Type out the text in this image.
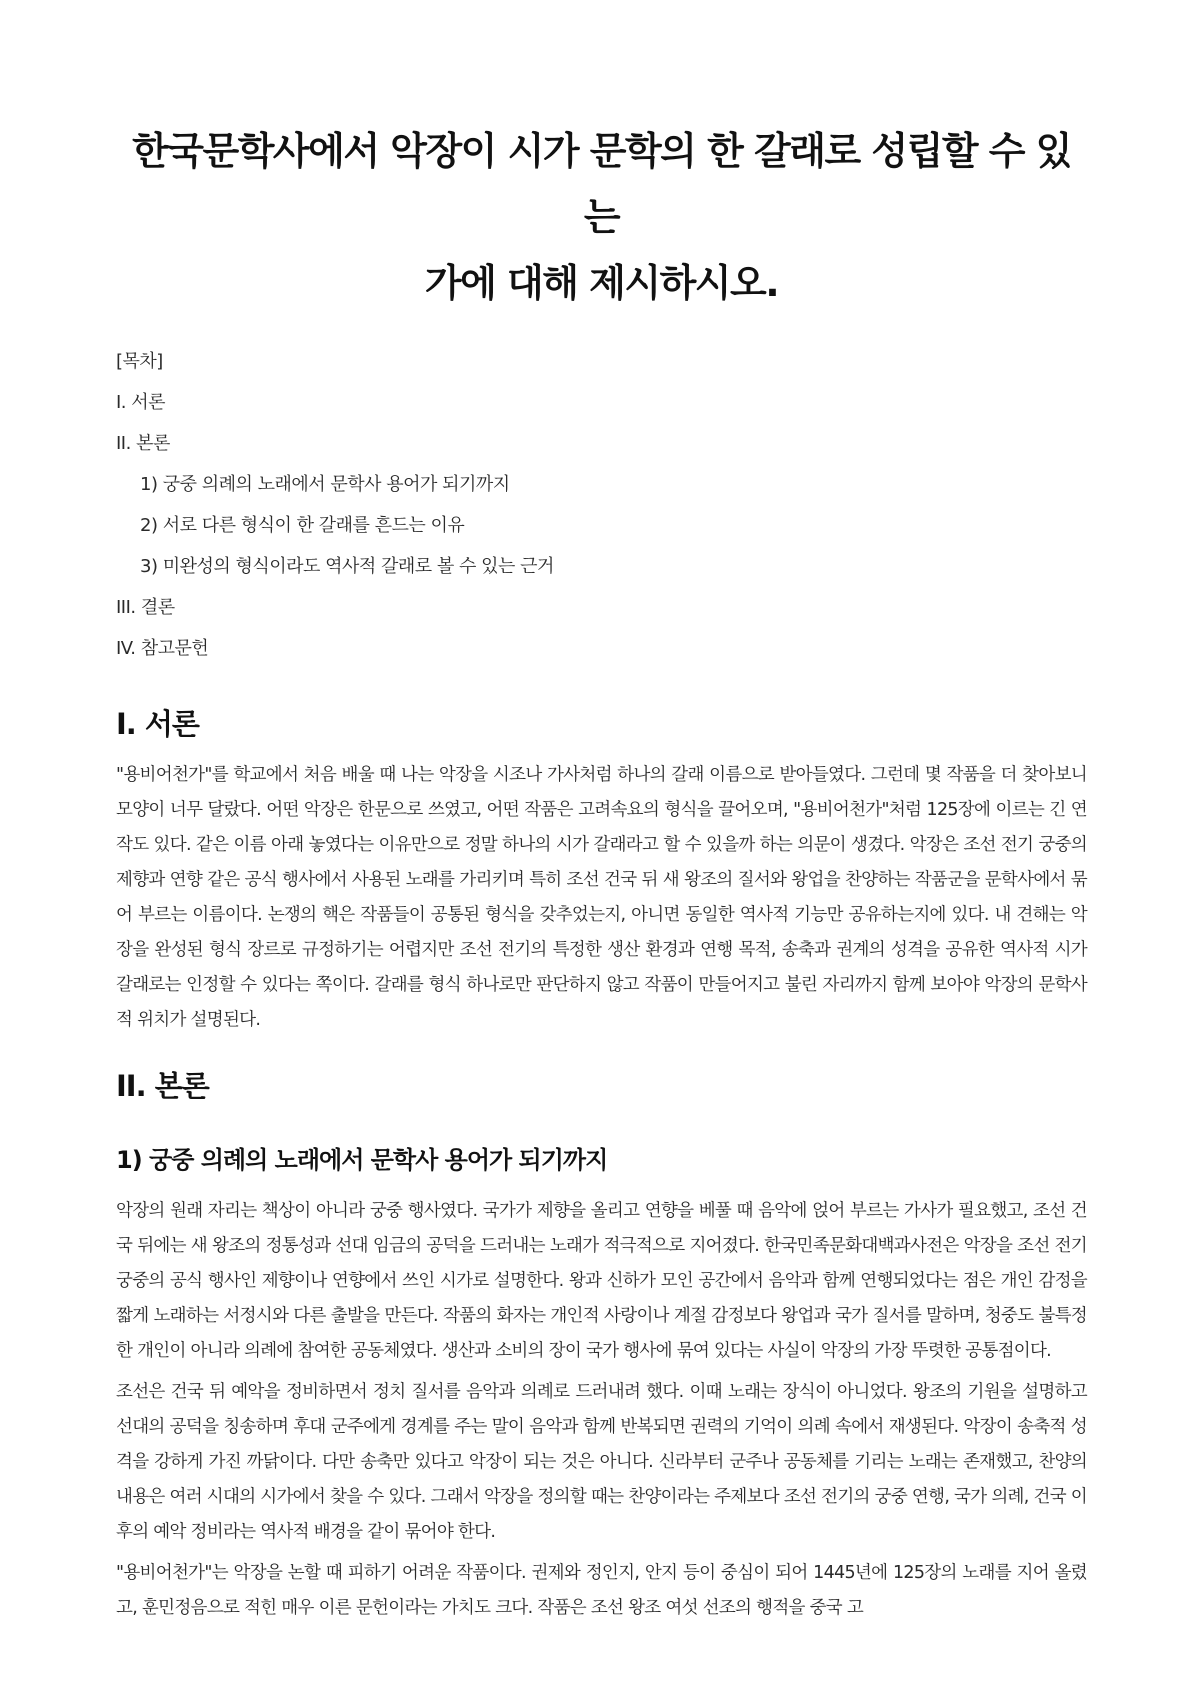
한국문학사에서 악장이 시가 문학의 한 갈래로 성립할 수 있는
가에 대해 제시하시오.
[목차]
I. 서론
II. 본론
1) 궁중 의례의 노래에서 문학사 용어가 되기까지
2) 서로 다른 형식이 한 갈래를 흔드는 이유
3) 미완성의 형식이라도 역사적 갈래로 볼 수 있는 근거
III. 결론
IV. 참고문헌
I. 서론

"용비어천가"를 학교에서 처음 배울 때 나는 악장을 시조나 가사처럼 하나의 갈래 이름으로 받아들였다. 그런데 몇 작품을 더 찾아보니 모양이 너무 달랐다. 어떤 악장은 한문으로 쓰였고, 어떤 작품은 고려속요의 형식을 끌어오며, "용비어천가"처럼 125장에 이르는 긴 연작도 있다. 같은 이름 아래 놓였다는 이유만으로 정말 하나의 시가 갈래라고 할 수 있을까 하는 의문이 생겼다. 악장은 조선 전기 궁중의 제향과 연향 같은 공식 행사에서 사용된 노래를 가리키며 특히 조선 건국 뒤 새 왕조의 질서와 왕업을 찬양하는 작품군을 문학사에서 묶어 부르는 이름이다. 논쟁의 핵은 작품들이 공통된 형식을 갖추었는지, 아니면 동일한 역사적 기능만 공유하는지에 있다. 내 견해는 악장을 완성된 형식 장르로 규정하기는 어렵지만 조선 전기의 특정한 생산 환경과 연행 목적, 송축과 권계의 성격을 공유한 역사적 시가 갈래로는 인정할 수 있다는 쪽이다. 갈래를 형식 하나로만 판단하지 않고 작품이 만들어지고 불린 자리까지 함께 보아야 악장의 문학사적 위치가 설명된다.

II. 본론
1) 궁중 의례의 노래에서 문학사 용어가 되기까지

악장의 원래 자리는 책상이 아니라 궁중 행사였다. 국가가 제향을 올리고 연향을 베풀 때 음악에 얹어 부르는 가사가 필요했고, 조선 건국 뒤에는 새 왕조의 정통성과 선대 임금의 공덕을 드러내는 노래가 적극적으로 지어졌다. 한국민족문화대백과사전은 악장을 조선 전기 궁중의 공식 행사인 제향이나 연향에서 쓰인 시가로 설명한다. 왕과 신하가 모인 공간에서 음악과 함께 연행되었다는 점은 개인 감정을 짧게 노래하는 서정시와 다른 출발을 만든다. 작품의 화자는 개인적 사랑이나 계절 감정보다 왕업과 국가 질서를 말하며, 청중도 불특정한 개인이 아니라 의례에 참여한 공동체였다. 생산과 소비의 장이 국가 행사에 묶여 있다는 사실이 악장의 가장 뚜렷한 공통점이다.

조선은 건국 뒤 예악을 정비하면서 정치 질서를 음악과 의례로 드러내려 했다. 이때 노래는 장식이 아니었다. 왕조의 기원을 설명하고 선대의 공덕을 칭송하며 후대 군주에게 경계를 주는 말이 음악과 함께 반복되면 권력의 기억이 의례 속에서 재생된다. 악장이 송축적 성격을 강하게 가진 까닭이다. 다만 송축만 있다고 악장이 되는 것은 아니다. 신라부터 군주나 공동체를 기리는 노래는 존재했고, 찬양의 내용은 여러 시대의 시가에서 찾을 수 있다. 그래서 악장을 정의할 때는 찬양이라는 주제보다 조선 전기의 궁중 연행, 국가 의례, 건국 이후의 예악 정비라는 역사적 배경을 같이 묶어야 한다.

"용비어천가"는 악장을 논할 때 피하기 어려운 작품이다. 권제와 정인지, 안지 등이 중심이 되어 1445년에 125장의 노래를 지어 올렸고, 훈민정음으로 적힌 매우 이른 문헌이라는 가치도 크다. 작품은 조선 왕조 여섯 선조의 행적을 중국 고
